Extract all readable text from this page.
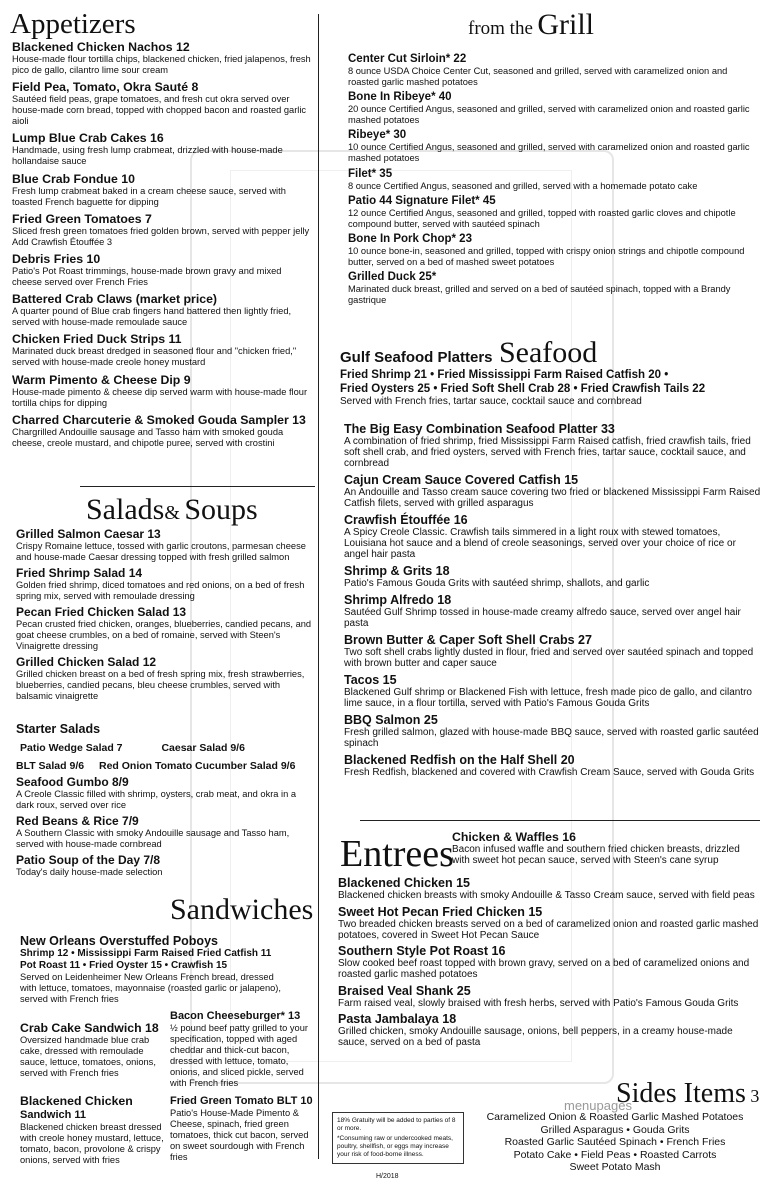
Appetizers
Blackened Chicken Nachos 12
House-made flour tortilla chips, blackened chicken, fried jalapenos, fresh pico de gallo, cilantro lime sour cream
Field Pea, Tomato, Okra Sauté 8
Sautéed field peas, grape tomatoes, and fresh cut okra served over house-made corn bread, topped with chopped bacon and roasted garlic aioli
Lump Blue Crab Cakes 16
Handmade, using fresh lump crabmeat, drizzled with house-made hollandaise sauce
Blue Crab Fondue 10
Fresh lump crabmeat baked in a cream cheese sauce, served with toasted French baguette for dipping
Fried Green Tomatoes 7
Sliced fresh green tomatoes fried golden brown, served with pepper jelly Add Crawfish Étouffée 3
Debris Fries 10
Patio's Pot Roast trimmings, house-made brown gravy and mixed cheese served over French Fries
Battered Crab Claws (market price)
A quarter pound of Blue crab fingers hand battered then lightly fried, served with house-made remoulade sauce
Chicken Fried Duck Strips 11
Marinated duck breast dredged in seasoned flour and "chicken fried," served with house-made creole honey mustard
Warm Pimento & Cheese Dip 9
House-made pimento & cheese dip served warm with house-made flour tortilla chips for dipping
Charred Charcuterie & Smoked Gouda Sampler 13
Chargrilled Andouille sausage and Tasso ham with smoked gouda cheese, creole mustard, and chipotle puree, served with crostini
Salads& Soups
Grilled Salmon Caesar 13
Crispy Romaine lettuce, tossed with garlic croutons, parmesan cheese and house-made Caesar dressing topped with fresh grilled salmon
Fried Shrimp Salad 14
Golden fried shrimp, diced tomatoes and red onions, on a bed of fresh spring mix, served with remoulade dressing
Pecan Fried Chicken Salad 13
Pecan crusted fried chicken, oranges, blueberries, candied pecans, and goat cheese crumbles, on a bed of romaine, served with Steen's Vinaigrette dressing
Grilled Chicken Salad 12
Grilled chicken breast on a bed of fresh spring mix, fresh strawberries, blueberries, candied pecans, bleu cheese crumbles, served with balsamic vinaigrette
Starter Salads
Patio Wedge Salad 7	Caesar Salad 9/6
BLT Salad 9/6 Red Onion Tomato Cucumber Salad 9/6
Seafood Gumbo 8/9
A Creole Classic filled with shrimp, oysters, crab meat, and okra in a dark roux, served over rice
Red Beans & Rice 7/9
A Southern Classic with smoky Andouille sausage and Tasso ham, served with house-made cornbread
Patio Soup of the Day 7/8
Today's daily house-made selection
Sandwiches
New Orleans Overstuffed Poboys
Shrimp 12 • Mississippi Farm Raised Fried Catfish 11
Pot Roast 11 • Fried Oyster 15 • Crawfish 15
Served on Leidenheimer New Orleans French bread, dressed with lettuce, tomatoes, mayonnaise (roasted garlic or jalapeno), served with French fries
Crab Cake Sandwich 18
Oversized handmade blue crab cake, dressed with remoulade sauce, lettuce, tomatoes, onions, served with French fries
Blackened Chicken
Sandwich 11
Blackened chicken breast dressed with creole honey mustard, lettuce, tomato, bacon, provolone & crispy onions, served with fries
Bacon Cheeseburger* 13
½ pound beef patty grilled to your specification, topped with aged cheddar and thick-cut bacon, dressed with lettuce, tomato, onions, and sliced pickle, served with French fries
Fried Green Tomato BLT 10
Patio's House-Made Pimento & Cheese, spinach, fried green tomatoes, thick cut bacon, served on sweet sourdough with French fries
from the Grill
Center Cut Sirloin* 22
8 ounce USDA Choice Center Cut, seasoned and grilled, served with caramelized onion and roasted garlic mashed potatoes
Bone In Ribeye* 40
20 ounce Certified Angus, seasoned and grilled, served with caramelized onion and roasted garlic mashed potatoes
Ribeye* 30
10 ounce Certified Angus, seasoned and grilled, served with caramelized onion and roasted garlic mashed potatoes
Filet* 35
8 ounce Certified Angus, seasoned and grilled, served with a homemade potato cake
Patio 44 Signature Filet* 45
12 ounce Certified Angus, seasoned and grilled, topped with roasted garlic cloves and chipotle compound butter, served with sautéed spinach
Bone In Pork Chop* 23
10 ounce bone-in, seasoned and grilled, topped with crispy onion strings and chipotle compound butter, served on a bed of mashed sweet potatoes
Grilled Duck 25*
Marinated duck breast, grilled and served on a bed of sautéed spinach, topped with a Brandy gastrique
Gulf Seafood Platters Seafood
Fried Shrimp 21 • Fried Mississippi Farm Raised Catfish 20 •
Fried Oysters 25 • Fried Soft Shell Crab 28 • Fried Crawfish Tails 22
Served with French fries, tartar sauce, cocktail sauce and cornbread
The Big Easy Combination Seafood Platter 33
A combination of fried shrimp, fried Mississippi Farm Raised catfish, fried crawfish tails, fried soft shell crab, and fried oysters, served with French fries, tartar sauce, cocktail sauce, and cornbread
Cajun Cream Sauce Covered Catfish 15
An Andouille and Tasso cream sauce covering two fried or blackened Mississippi Farm Raised Catfish filets, served with grilled asparagus
Crawfish Étouffée 16
A Spicy Creole Classic. Crawfish tails simmered in a light roux with stewed tomatoes, Louisiana hot sauce and a blend of creole seasonings, served over your choice of rice or angel hair pasta
Shrimp & Grits 18
Patio's Famous Gouda Grits with sautéed shrimp, shallots, and garlic
Shrimp Alfredo 18
Sautéed Gulf Shrimp tossed in house-made creamy alfredo sauce, served over angel hair pasta
Brown Butter & Caper Soft Shell Crabs 27
Two soft shell crabs lightly dusted in flour, fried and served over sautéed spinach and topped with brown butter and caper sauce
Tacos 15
Blackened Gulf shrimp or Blackened Fish with lettuce, fresh made pico de gallo, and cilantro lime sauce, in a flour tortilla, served with Patio's Famous Gouda Grits
BBQ Salmon 25
Fresh grilled salmon, glazed with house-made BBQ sauce, served with roasted garlic sautéed spinach
Blackened Redfish on the Half Shell 20
Fresh Redfish, blackened and covered with Crawfish Cream Sauce, served with Gouda Grits
Entrees
Chicken & Waffles 16
Bacon infused waffle and southern fried chicken breasts, drizzled with sweet hot pecan sauce, served with Steen's cane syrup
Blackened Chicken 15
Blackened chicken breasts with smoky Andouille & Tasso Cream sauce, served with field peas
Sweet Hot Pecan Fried Chicken 15
Two breaded chicken breasts served on a bed of caramelized onion and roasted garlic mashed potatoes, covered in Sweet Hot Pecan Sauce
Southern Style Pot Roast 16
Slow cooked beef roast topped with brown gravy, served on a bed of caramelized onions and roasted garlic mashed potatoes
Braised Veal Shank 25
Farm raised veal, slowly braised with fresh herbs, served with Patio's Famous Gouda Grits
Pasta Jambalaya 18
Grilled chicken, smoky Andouille sausage, onions, bell peppers, in a creamy house-made sauce, served on a bed of pasta
menupages
Sides Items 3
Caramelized Onion & Roasted Garlic Mashed Potatoes
Grilled Asparagus • Gouda Grits
Roasted Garlic Sautéed Spinach • French Fries
Potato Cake • Field Peas • Roasted Carrots
Sweet Potato Mash
18% Gratuity will be added to parties of 8 or more.
*Consuming raw or undercooked meats, poultry, shellfish, or eggs may increase your risk of food-borne illness.
H/2018
